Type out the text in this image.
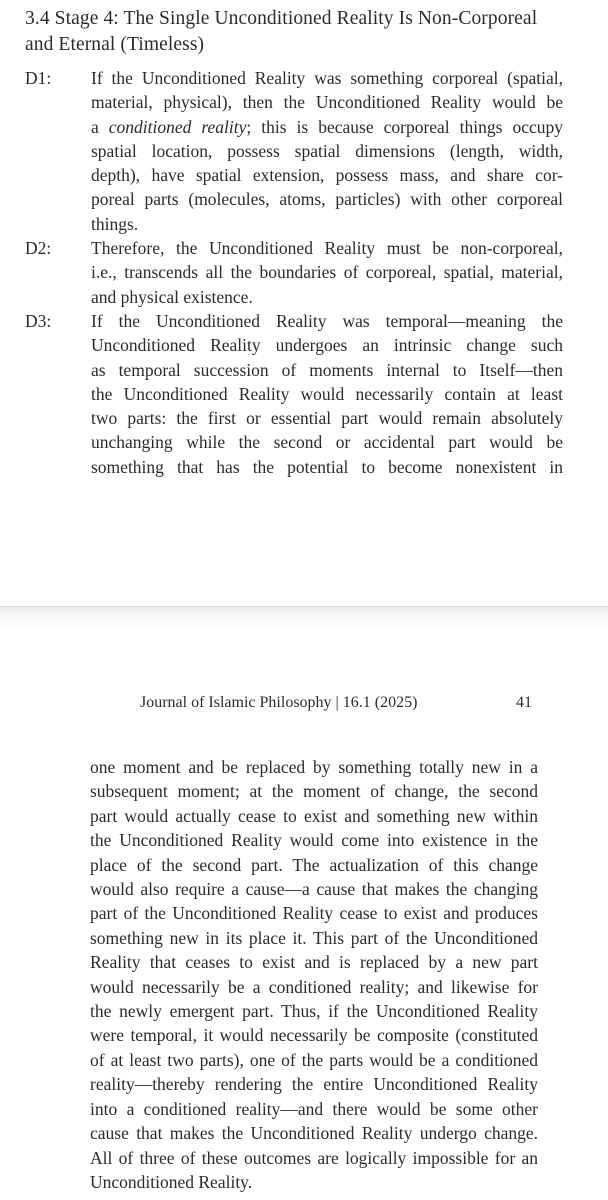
3.4 Stage 4: The Single Unconditioned Reality Is Non-Corporeal
and Eternal (Timeless)
D1: If the Unconditioned Reality was something corporeal (spatial,
material, physical), then the Unconditioned Reality would be
a conditioned reality; this is because corporeal things occupy
spatial location, possess spatial dimensions (length, width,
depth), have spatial extension, possess mass, and share cor-
poreal parts (molecules, atoms, particles) with other corporeal
things.
D2: Therefore, the Unconditioned Reality must be non-corporeal,
i.e., transcends all the boundaries of corporeal, spatial, material,
and physical existence.
D3: If the Unconditioned Reality was temporal—meaning the
Unconditioned Reality undergoes an intrinsic change such
as temporal succession of moments internal to Itself—then
the Unconditioned Reality would necessarily contain at least
two parts: the first or essential part would remain absolutely
unchanging while the second or accidental part would be
something that has the potential to become nonexistent in
Journal of Islamic Philosophy | 16.1 (2025)	41
one moment and be replaced by something totally new in a
subsequent moment; at the moment of change, the second
part would actually cease to exist and something new within
the Unconditioned Reality would come into existence in the
place of the second part. The actualization of this change
would also require a cause—a cause that makes the changing
part of the Unconditioned Reality cease to exist and produces
something new in its place it. This part of the Unconditioned
Reality that ceases to exist and is replaced by a new part
would necessarily be a conditioned reality; and likewise for
the newly emergent part. Thus, if the Unconditioned Reality
were temporal, it would necessarily be composite (constituted
of at least two parts), one of the parts would be a conditioned
reality—thereby rendering the entire Unconditioned Reality
into a conditioned reality—and there would be some other
cause that makes the Unconditioned Reality undergo change.
All of three of these outcomes are logically impossible for an
Unconditioned Reality.
